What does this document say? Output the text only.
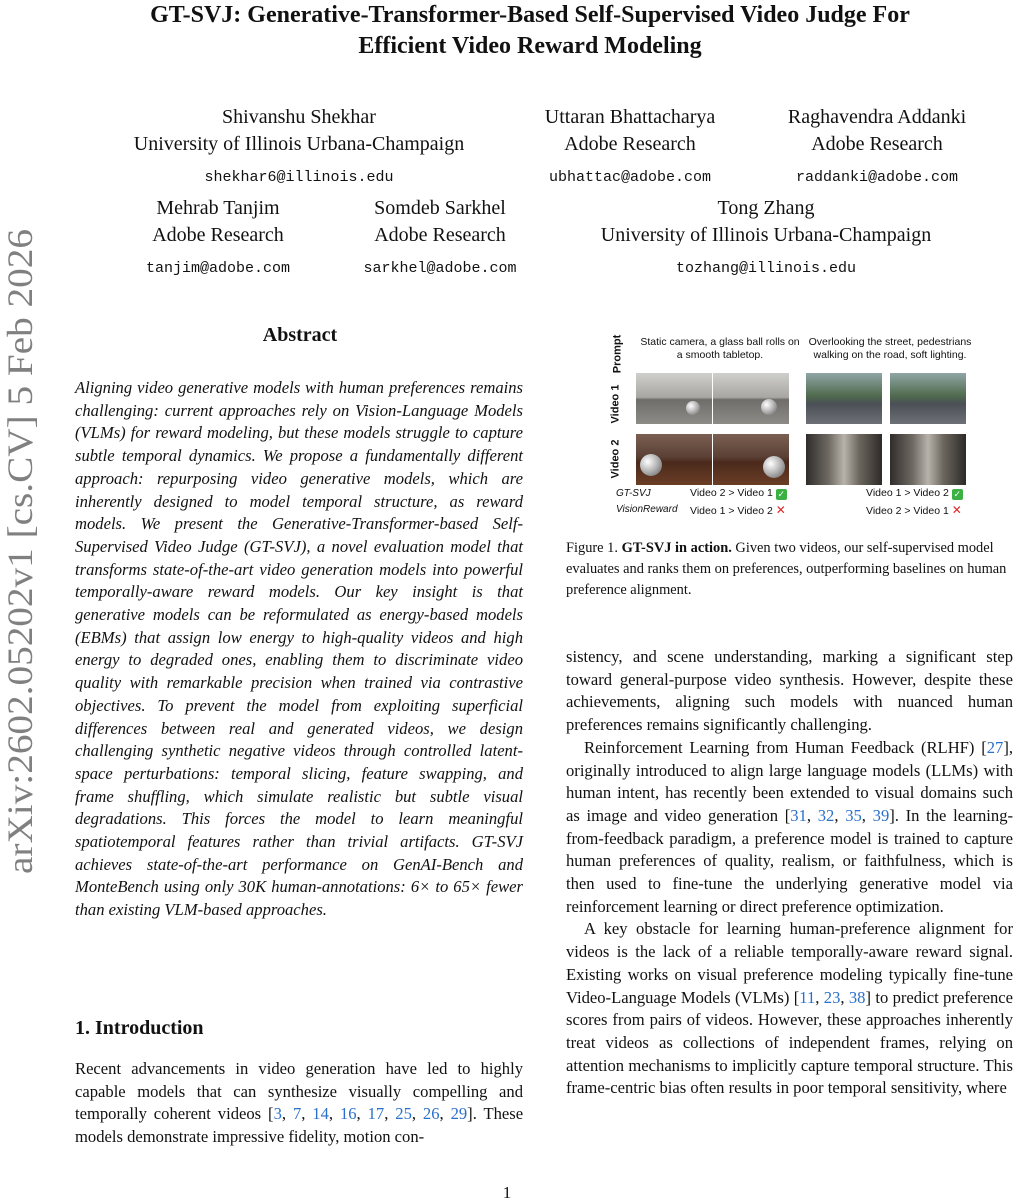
GT-SVJ: Generative-Transformer-Based Self-Supervised Video Judge For
Efficient Video Reward Modeling
Shivanshu Shekhar
University of Illinois Urbana-Champaign
shekhar6@illinois.edu
Uttaran Bhattacharya
Adobe Research
ubhattac@adobe.com
Raghavendra Addanki
Adobe Research
raddanki@adobe.com
Mehrab Tanjim
Adobe Research
tanjim@adobe.com
Somdeb Sarkhel
Adobe Research
sarkhel@adobe.com
Tong Zhang
University of Illinois Urbana-Champaign
tozhang@illinois.edu
arXiv:2602.05202v1 [cs.CV] 5 Feb 2026	Abstract
Aligning video generative models with human preferences remains challenging: current approaches rely on Vision-Language Models (VLMs) for reward modeling, but these models struggle to capture subtle temporal dynamics. We propose a fundamentally different approach: repurposing video generative models, which are inherently designed to model temporal structure, as reward models. We present the Generative-Transformer-based Self-Supervised Video Judge (GT-SVJ), a novel evaluation model that transforms state-of-the-art video generation models into powerful temporally-aware reward models. Our key insight is that generative models can be reformulated as energy-based models (EBMs) that assign low energy to high-quality videos and high energy to degraded ones, enabling them to discriminate video quality with remarkable precision when trained via contrastive objectives. To prevent the model from exploiting superficial differences between real and generated videos, we design challenging synthetic negative videos through controlled latent-space perturbations: temporal slicing, feature swapping, and frame shuffling, which simulate realistic but subtle visual degradations. This forces the model to learn meaningful spatiotemporal features rather than trivial artifacts. GT-SVJ achieves state-of-the-art performance on GenAI-Bench and MonteBench using only 30K human-annotations: 6× to 65× fewer than existing VLM-based approaches.
Prompt
Video 1
Video 2
Static camera, a glass ball rolls on a smooth tabletop.
Overlooking the street, pedestrians walking on the road, soft lighting.
GT-SVJ
VisionReward
Video 2 > Video 1 ✓
Video 1 > Video 2 ✕
Video 1 > Video 2 ✓
Video 2 > Video 1 ✕
Figure 1. GT-SVJ in action. Given two videos, our self-supervised model evaluates and ranks them on preferences, outperforming baselines on human preference alignment.
1. Introduction

Recent advancements in video generation have led to highly capable models that can synthesize visually compelling and temporally coherent videos [3, 7, 14, 16, 17, 25, 26, 29]. These models demonstrate impressive fidelity, motion con-

sistency, and scene understanding, marking a significant step toward general-purpose video synthesis. However, despite these achievements, aligning such models with nuanced human preferences remains significantly challenging.

Reinforcement Learning from Human Feedback (RLHF) [27], originally introduced to align large language models (LLMs) with human intent, has recently been extended to visual domains such as image and video generation [31, 32, 35, 39]. In the learning-from-feedback paradigm, a preference model is trained to capture human preferences of quality, realism, or faithfulness, which is then used to fine-tune the underlying generative model via reinforcement learning or direct preference optimization.

A key obstacle for learning human-preference alignment for videos is the lack of a reliable temporally-aware reward signal. Existing works on visual preference modeling typically fine-tune Video-Language Models (VLMs) [11, 23, 38] to predict preference scores from pairs of videos. However, these approaches inherently treat videos as collections of independent frames, relying on attention mechanisms to implicitly capture temporal structure. This frame-centric bias often results in poor temporal sensitivity, where

1
